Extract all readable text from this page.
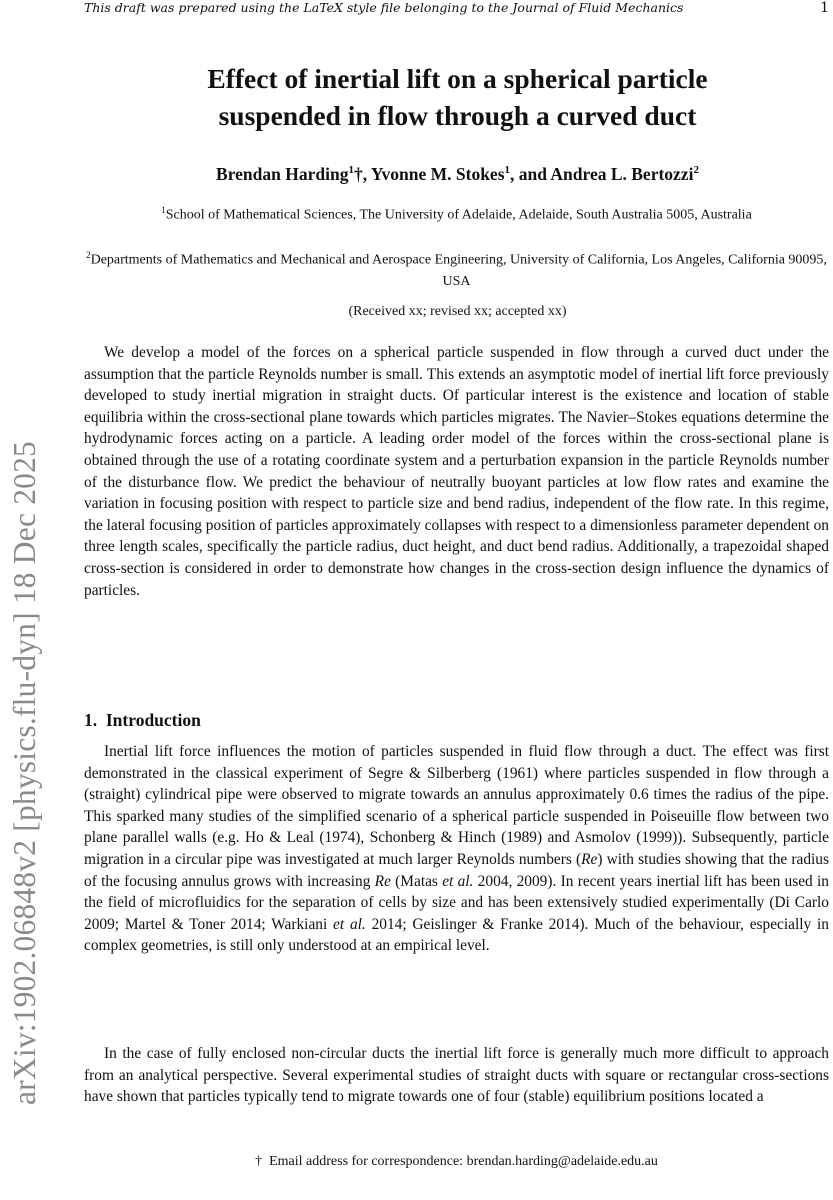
This draft was prepared using the LaTeX style file belonging to the Journal of Fluid Mechanics	1
arXiv:1902.06848v2 [physics.flu-dyn] 18 Dec 2025
Effect of inertial lift on a spherical particle
suspended in flow through a curved duct
Brendan Harding$^1$†, Yvonne M. Stokes$^1$, and Andrea L. Bertozzi$^2$
$^1$School of Mathematical Sciences, The University of Adelaide, Adelaide, South Australia 5005, Australia
$^2$Departments of Mathematics and Mechanical and Aerospace Engineering, University of California, Los Angeles, California 90095, USA
(Received xx; revised xx; accepted xx)
We develop a model of the forces on a spherical particle suspended in flow through a curved duct under the assumption that the particle Reynolds number is small. This extends an asymptotic model of inertial lift force previously developed to study inertial migration in straight ducts. Of particular interest is the existence and location of stable equilibria within the cross-sectional plane towards which particles migrates. The Navier–Stokes equations determine the hydrodynamic forces acting on a particle. A leading order model of the forces within the cross-sectional plane is obtained through the use of a rotating coordinate system and a perturbation expansion in the particle Reynolds number of the disturbance flow. We predict the behaviour of neutrally buoyant particles at low flow rates and examine the variation in focusing position with respect to particle size and bend radius, independent of the flow rate. In this regime, the lateral focusing position of particles approximately collapses with respect to a dimensionless parameter dependent on three length scales, specifically the particle radius, duct height, and duct bend radius. Additionally, a trapezoidal shaped cross-section is considered in order to demonstrate how changes in the cross-section design influence the dynamics of particles.
1. Introduction

Inertial lift force influences the motion of particles suspended in fluid flow through a duct. The effect was first demonstrated in the classical experiment of Segre & Silberberg (1961) where particles suspended in flow through a (straight) cylindrical pipe were observed to migrate towards an annulus approximately 0.6 times the radius of the pipe. This sparked many studies of the simplified scenario of a spherical particle suspended in Poiseuille flow between two plane parallel walls (e.g. Ho & Leal (1974), Schonberg & Hinch (1989) and Asmolov (1999)). Subsequently, particle migration in a circular pipe was investigated at much larger Reynolds numbers (Re) with studies showing that the radius of the focusing annulus grows with increasing Re (Matas et al. 2004, 2009). In recent years inertial lift has been used in the field of microfluidics for the separation of cells by size and has been extensively studied experimentally (Di Carlo 2009; Martel & Toner 2014; Warkiani et al. 2014; Geislinger & Franke 2014). Much of the behaviour, especially in complex geometries, is still only understood at an empirical level.

In the case of fully enclosed non-circular ducts the inertial lift force is generally much more difficult to approach from an analytical perspective. Several experimental studies of straight ducts with square or rectangular cross-sections have shown that particles typically tend to migrate towards one of four (stable) equilibrium positions located a

† Email address for correspondence: brendan.harding@adelaide.edu.au
